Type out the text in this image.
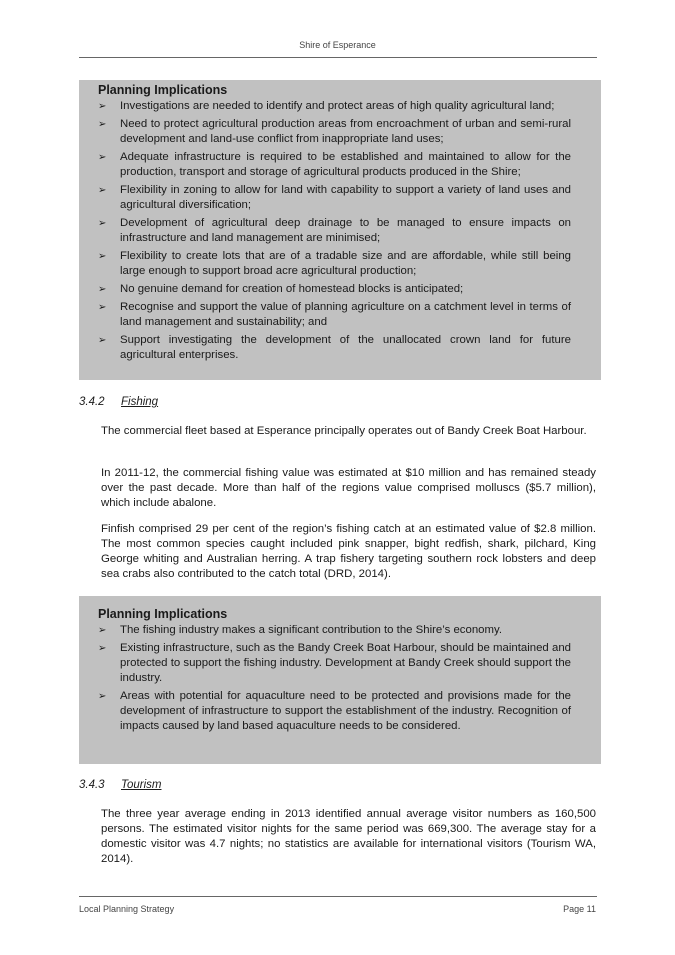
Shire of Esperance
Planning Implications
➢ Investigations are needed to identify and protect areas of high quality agricultural land;
➢ Need to protect agricultural production areas from encroachment of urban and semi-rural development and land-use conflict from inappropriate land uses;
➢ Adequate infrastructure is required to be established and maintained to allow for the production, transport and storage of agricultural products produced in the Shire;
➢ Flexibility in zoning to allow for land with capability to support a variety of land uses and agricultural diversification;
➢ Development of agricultural deep drainage to be managed to ensure impacts on infrastructure and land management are minimised;
➢ Flexibility to create lots that are of a tradable size and are affordable, while still being large enough to support broad acre agricultural production;
➢ No genuine demand for creation of homestead blocks is anticipated;
➢ Recognise and support the value of planning agriculture on a catchment level in terms of land management and sustainability; and
➢ Support investigating the development of the unallocated crown land for future agricultural enterprises.
3.4.2 Fishing

The commercial fleet based at Esperance principally operates out of Bandy Creek Boat Harbour.

In 2011-12, the commercial fishing value was estimated at $10 million and has remained steady over the past decade. More than half of the regions value comprised molluscs ($5.7 million), which include abalone.

Finfish comprised 29 per cent of the region’s fishing catch at an estimated value of $2.8 million. The most common species caught included pink snapper, bight redfish, shark, pilchard, King George whiting and Australian herring. A trap fishery targeting southern rock lobsters and deep sea crabs also contributed to the catch total (DRD, 2014).

Planning Implications
➢ The fishing industry makes a significant contribution to the Shire’s economy.
➢ Existing infrastructure, such as the Bandy Creek Boat Harbour, should be maintained and protected to support the fishing industry. Development at Bandy Creek should support the industry.
➢ Areas with potential for aquaculture need to be protected and provisions made for the development of infrastructure to support the establishment of the industry. Recognition of impacts caused by land based aquaculture needs to be considered.
3.4.3 Tourism

The three year average ending in 2013 identified annual average visitor numbers as 160,500 persons. The estimated visitor nights for the same period was 669,300. The average stay for a domestic visitor was 4.7 nights; no statistics are available for international visitors (Tourism WA, 2014).

Local Planning Strategy	Page 11
